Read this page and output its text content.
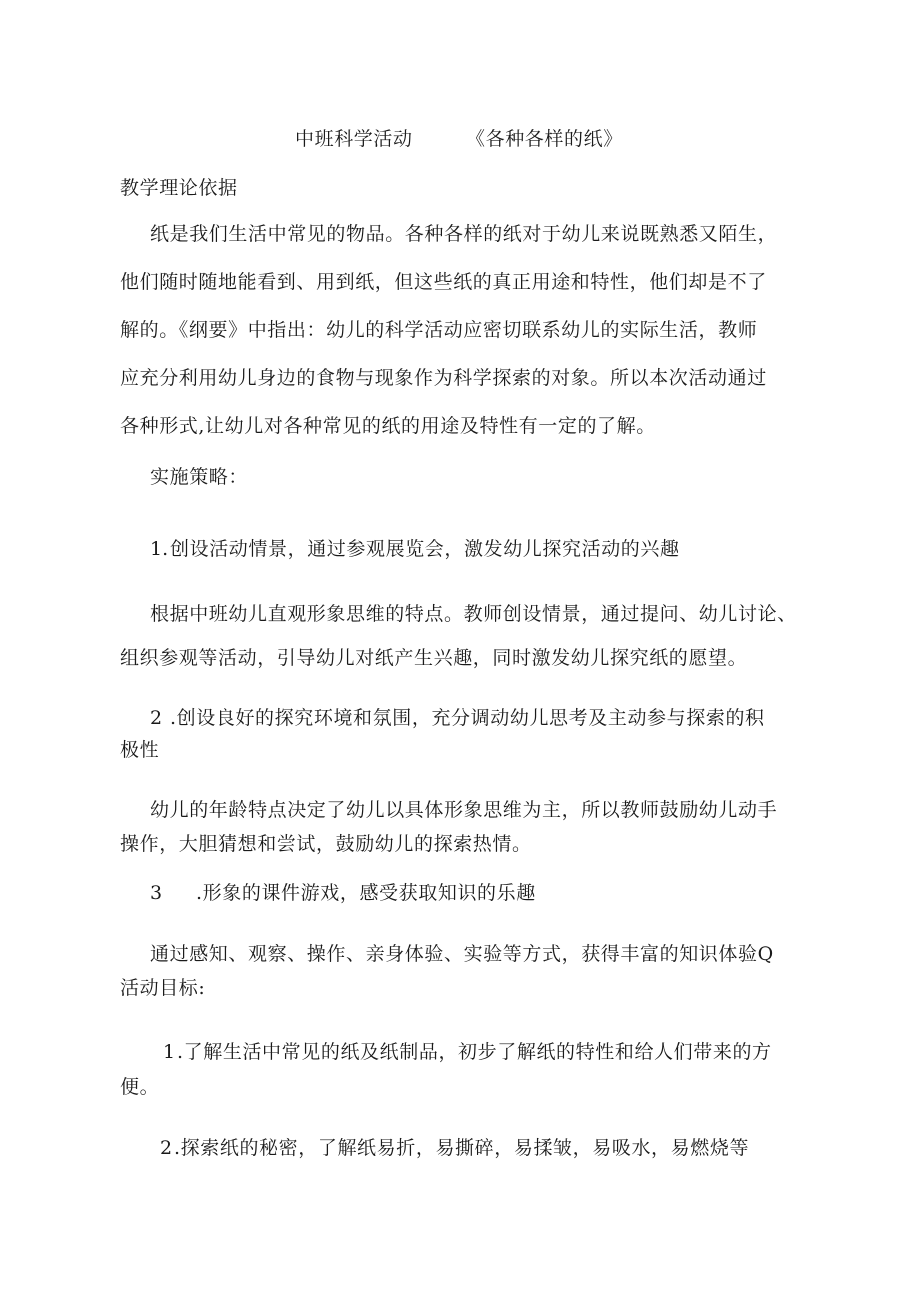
中班科学活动	《各种各样的纸》
教学理论依据
纸是我们生活中常见的物品。各种各样的纸对于幼儿来说既熟悉又陌生，
他们随时随地能看到、用到纸，但这些纸的真正用途和特性，他们却是不了
解的。《纲要》中指出：幼儿的科学活动应密切联系幼儿的实际生活，教师
应充分利用幼儿身边的食物与现象作为科学探索的对象。所以本次活动通过
各种形式,让幼儿对各种常见的纸的用途及特性有一定的了解。
实施策略：
1. 创设活动情景，通过参观展览会，激发幼儿探究活动的兴趣
根据中班幼儿直观形象思维的特点。教师创设情景，通过提问、幼儿讨论、
组织参观等活动，引导幼儿对纸产生兴趣，同时激发幼儿探究纸的愿望。
2 .创设良好的探究环境和氛围，充分调动幼儿思考及主动参与探索的积
极性
幼儿的年龄特点决定了幼儿以具体形象思维为主，所以教师鼓励幼儿动手
操作，大胆猜想和尝试，鼓励幼儿的探索热情。
3 .形象的课件游戏，感受获取知识的乐趣
通过感知、观察、操作、亲身体验、实验等方式，获得丰富的知识体验Q
活动目标:
1 .了解生活中常见的纸及纸制品，初步了解纸的特性和给人们带来的方
便。
2 .探索纸的秘密，了解纸易折，易撕碎，易揉皱，易吸水，易燃烧等
